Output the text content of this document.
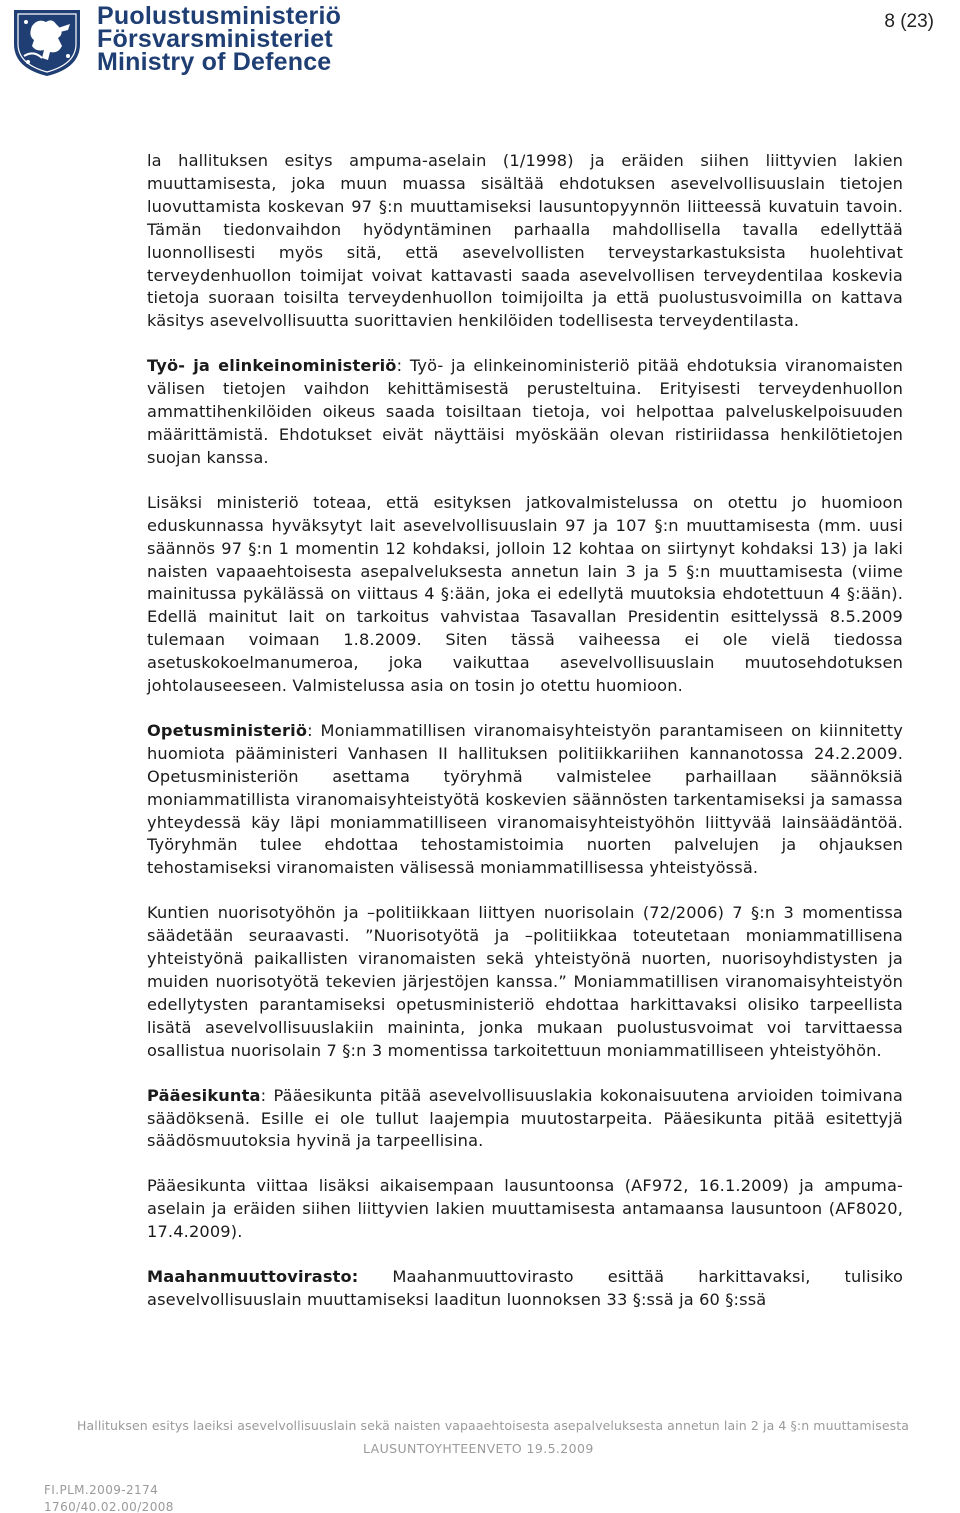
Puolustusministeriö
Försvarsministeriet
Ministry of Defence
8 (23)

la hallituksen esitys ampuma-aselain (1/1998) ja eräiden siihen liittyvien lakien muuttamisesta, joka muun muassa sisältää ehdotuksen asevelvollisuuslain tietojen luovuttamista koskevan 97 §:n muuttamiseksi lausuntopyynnön liitteessä kuvatuin tavoin. Tämän tiedonvaihdon hyödyntäminen parhaalla mahdollisella tavalla edellyttää luonnollisesti myös sitä, että asevelvollisten terveystarkastuksista huolehtivat terveydenhuollon toimijat voivat kattavasti saada asevelvollisen terveydentilaa koskevia tietoja suoraan toisilta terveydenhuollon toimijoilta ja että puolustusvoimilla on kattava käsitys asevelvollisuutta suorittavien henkilöiden todellisesta terveydentilasta.

Työ- ja elinkeinoministeriö: Työ- ja elinkeinoministeriö pitää ehdotuksia viranomaisten välisen tietojen vaihdon kehittämisestä perusteltuina. Erityisesti terveydenhuollon ammattihenkilöiden oikeus saada toisiltaan tietoja, voi helpottaa palveluskelpoisuuden määrittämistä. Ehdotukset eivät näyttäisi myöskään olevan ristiriidassa henkilötietojen suojan kanssa.

Lisäksi ministeriö toteaa, että esityksen jatkovalmistelussa on otettu jo huomioon eduskunnassa hyväksytyt lait asevelvollisuuslain 97 ja 107 §:n muuttamisesta (mm. uusi säännös 97 §:n 1 momentin 12 kohdaksi, jolloin 12 kohtaa on siirtynyt kohdaksi 13) ja laki naisten vapaaehtoisesta asepalveluksesta annetun lain 3 ja 5 §:n muuttamisesta (viime mainitussa pykälässä on viittaus 4 §:ään, joka ei edellytä muutoksia ehdotettuun 4 §:ään). Edellä mainitut lait on tarkoitus vahvistaa Tasavallan Presidentin esittelyssä 8.5.2009 tulemaan voimaan 1.8.2009. Siten tässä vaiheessa ei ole vielä tiedossa asetuskokoelmanumeroa, joka vaikuttaa asevelvollisuuslain muutosehdotuksen johtolauseeseen. Valmistelussa asia on tosin jo otettu huomioon.

Opetusministeriö: Moniammatillisen viranomaisyhteistyön parantamiseen on kiinnitetty huomiota pääministeri Vanhasen II hallituksen politiikkariihen kannanotossa 24.2.2009. Opetusministeriön asettama työryhmä valmistelee parhaillaan säännöksiä moniammatillista viranomaisyhteistyötä koskevien säännösten tarkentamiseksi ja samassa yhteydessä käy läpi moniammatilliseen viranomaisyhteistyöhön liittyvää lainsäädäntöä. Työryhmän tulee ehdottaa tehostamistoimia nuorten palvelujen ja ohjauksen tehostamiseksi viranomaisten välisessä moniammatillisessa yhteistyössä.

Kuntien nuorisotyöhön ja –politiikkaan liittyen nuorisolain (72/2006) 7 §:n 3 momentissa säädetään seuraavasti. ”Nuorisotyötä ja –politiikkaa toteutetaan moniammatillisena yhteistyönä paikallisten viranomaisten sekä yhteistyönä nuorten, nuorisoyhdistysten ja muiden nuorisotyötä tekevien järjestöjen kanssa.” Moniammatillisen viranomaisyhteistyön edellytysten parantamiseksi opetusministeriö ehdottaa harkittavaksi olisiko tarpeellista lisätä asevelvollisuuslakiin maininta, jonka mukaan puolustusvoimat voi tarvittaessa osallistua nuorisolain 7 §:n 3 momentissa tarkoitettuun moniammatilliseen yhteistyöhön.

Pääesikunta: Pääesikunta pitää asevelvollisuuslakia kokonaisuutena arvioiden toimivana säädöksenä. Esille ei ole tullut laajempia muutostarpeita. Pääesikunta pitää esitettyjä säädösmuutoksia hyvinä ja tarpeellisina.

Pääesikunta viittaa lisäksi aikaisempaan lausuntoonsa (AF972, 16.1.2009) ja ampuma-aselain ja eräiden siihen liittyvien lakien muuttamisesta antamaansa lausuntoon (AF8020, 17.4.2009).

Maahanmuuttovirasto: Maahanmuuttovirasto esittää harkittavaksi, tulisiko asevelvollisuuslain muuttamiseksi laaditun luonnoksen 33 §:ssä ja 60 §:ssä

Hallituksen esitys laeiksi asevelvollisuuslain sekä naisten vapaaehtoisesta asepalveluksesta annetun lain 2 ja 4 §:n muuttamisesta
LAUSUNTOYHTEENVETO 19.5.2009
FI.PLM.2009-2174
1760/40.02.00/2008
